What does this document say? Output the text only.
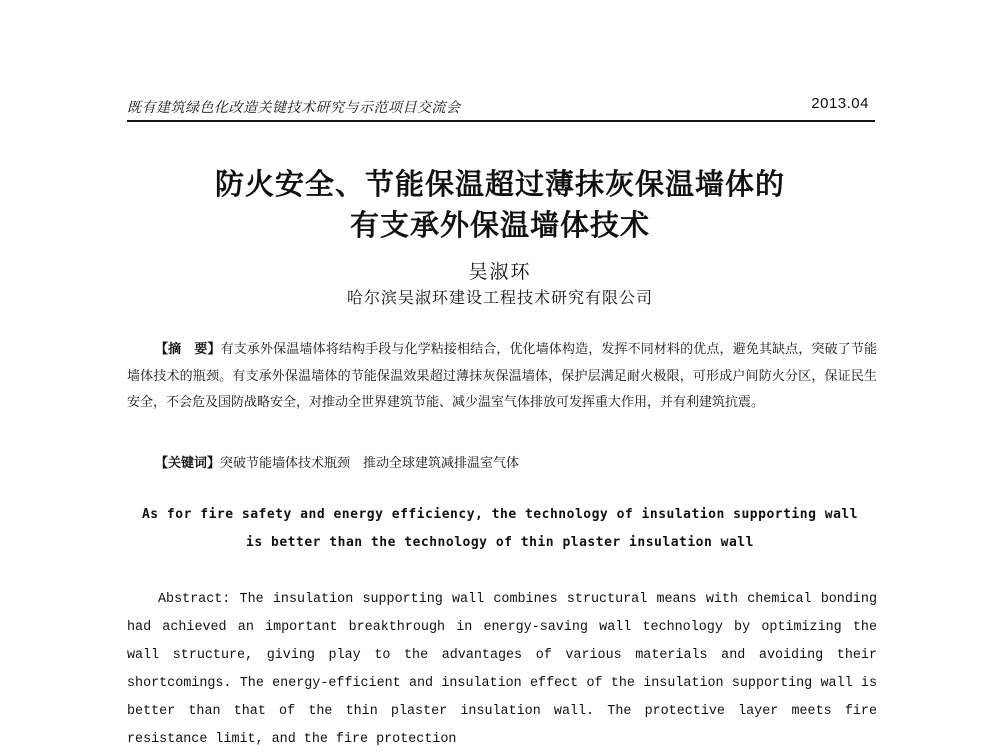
既有建筑绿色化改造关键技术研究与示范项目交流会	2013.04
防火安全、节能保温超过薄抹灰保温墙体的
有支承外保温墙体技术
吴淑环
哈尔滨吴淑环建设工程技术研究有限公司
【摘　要】有支承外保温墙体将结构手段与化学粘接相结合，优化墙体构造，发挥不同材料的优点，避免其缺点，突破了节能墙体技术的瓶颈。有支承外保温墙体的节能保温效果超过薄抹灰保温墙体，保护层满足耐火极限，可形成户间防火分区，保证民生安全，不会危及国防战略安全，对推动全世界建筑节能、减少温室气体排放可发挥重大作用，并有利建筑抗震。
【关键词】突破节能墙体技术瓶颈　推动全球建筑减排温室气体
As for fire safety and energy efficiency, the technology of insulation supporting wall
is better than the technology of thin plaster insulation wall
Abstract: The insulation supporting wall combines structural means with chemical bonding had achieved an important breakthrough in energy-saving wall technology by optimizing the wall structure, giving play to the advantages of various materials and avoiding their shortcomings. The energy-efficient and insulation effect of the insulation supporting wall is better than that of the thin plaster insulation wall. The protective layer meets fire resistance limit, and the fire protection
